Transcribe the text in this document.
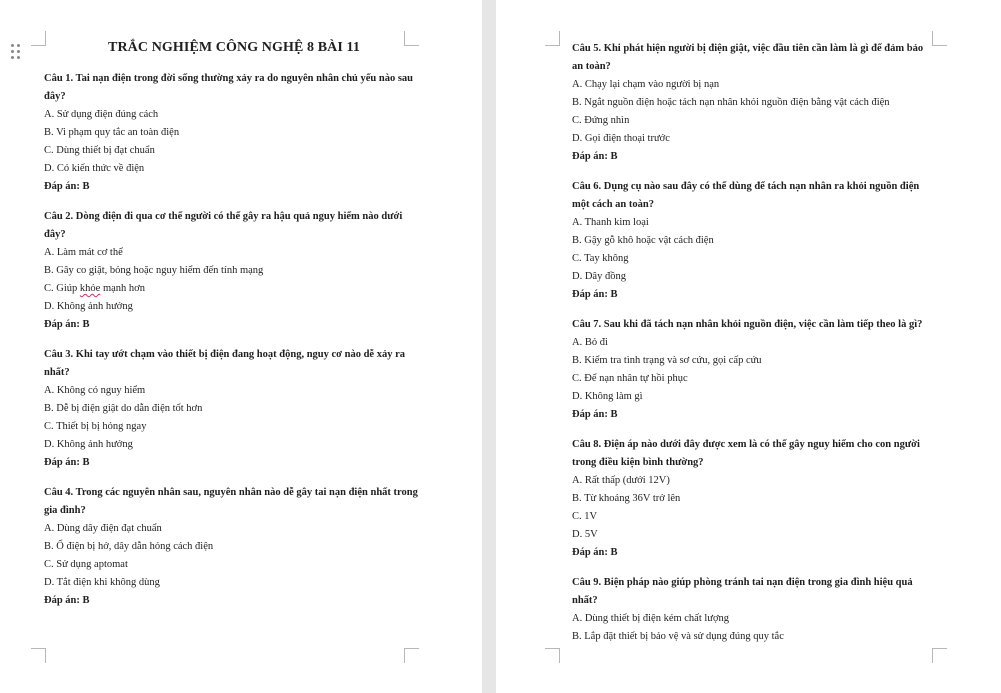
TRẮC NGHIỆM CÔNG NGHỆ 8 BÀI 11

Câu 1. Tai nạn điện trong đời sống thường xảy ra do nguyên nhân chủ yếu nào sau đây?

A. Sử dụng điện đúng cách

B. Vi phạm quy tắc an toàn điện

C. Dùng thiết bị đạt chuẩn

D. Có kiến thức về điện

Đáp án: B

Câu 2. Dòng điện đi qua cơ thể người có thể gây ra hậu quả nguy hiểm nào dưới đây?

A. Làm mát cơ thể

B. Gây co giật, bỏng hoặc nguy hiểm đến tính mạng

C. Giúp khỏe mạnh hơn

D. Không ảnh hưởng

Đáp án: B

Câu 3. Khi tay ướt chạm vào thiết bị điện đang hoạt động, nguy cơ nào dễ xảy ra nhất?

A. Không có nguy hiểm

B. Dễ bị điện giật do dẫn điện tốt hơn

C. Thiết bị bị hỏng ngay

D. Không ảnh hưởng

Đáp án: B

Câu 4. Trong các nguyên nhân sau, nguyên nhân nào dễ gây tai nạn điện nhất trong gia đình?

A. Dùng dây điện đạt chuẩn

B. Ổ điện bị hở, dây dẫn hỏng cách điện

C. Sử dụng aptomat

D. Tắt điện khi không dùng

Đáp án: B

Câu 5. Khi phát hiện người bị điện giật, việc đầu tiên cần làm là gì để đảm bảo an toàn?

A. Chạy lại chạm vào người bị nạn

B. Ngắt nguồn điện hoặc tách nạn nhân khỏi nguồn điện bằng vật cách điện

C. Đứng nhìn

D. Gọi điện thoại trước

Đáp án: B

Câu 6. Dụng cụ nào sau đây có thể dùng để tách nạn nhân ra khỏi nguồn điện một cách an toàn?

A. Thanh kim loại

B. Gậy gỗ khô hoặc vật cách điện

C. Tay không

D. Dây đồng

Đáp án: B

Câu 7. Sau khi đã tách nạn nhân khỏi nguồn điện, việc cần làm tiếp theo là gì?

A. Bỏ đi

B. Kiểm tra tình trạng và sơ cứu, gọi cấp cứu

C. Để nạn nhân tự hồi phục

D. Không làm gì

Đáp án: B

Câu 8. Điện áp nào dưới đây được xem là có thể gây nguy hiểm cho con người trong điều kiện bình thường?

A. Rất thấp (dưới 12V)

B. Từ khoảng 36V trở lên

C. 1V

D. 5V

Đáp án: B

Câu 9. Biện pháp nào giúp phòng tránh tai nạn điện trong gia đình hiệu quả nhất?

A. Dùng thiết bị điện kém chất lượng

B. Lắp đặt thiết bị bảo vệ và sử dụng đúng quy tắc
